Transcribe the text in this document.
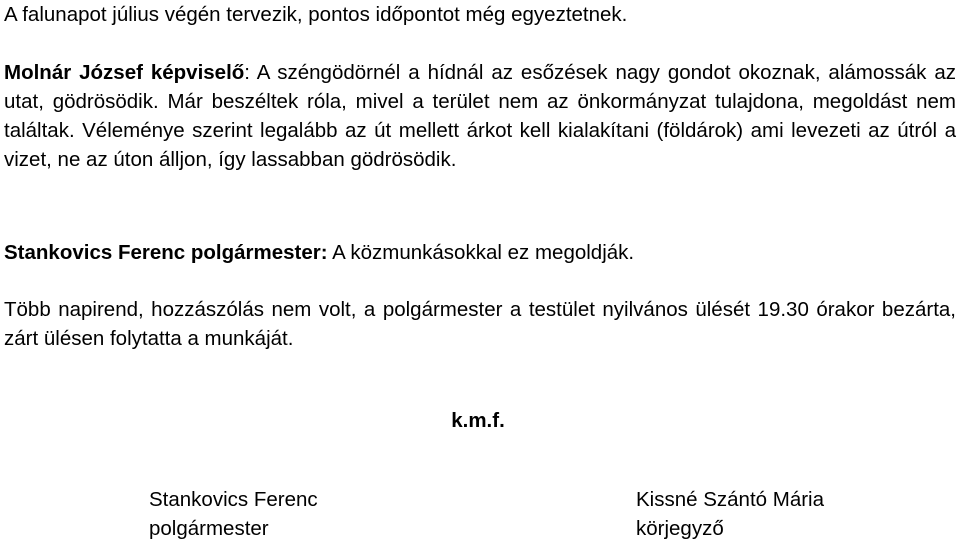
A falunapot július végén tervezik, pontos időpontot még egyeztetnek.

Molnár József képviselő: A széngödörnél a hídnál az esőzések nagy gondot okoznak, alámossák az utat, gödrösödik. Már beszéltek róla, mivel a terület nem az önkormányzat tulajdona, megoldást nem találtak. Véleménye szerint legalább az út mellett árkot kell kialakítani (földárok) ami levezeti az útról a vizet, ne az úton álljon, így lassabban gödrösödik.

Stankovics Ferenc polgármester: A közmunkásokkal ez megoldják.

Több napirend, hozzászólás nem volt, a polgármester a testület nyilvános ülését 19.30 órakor bezárta, zárt ülésen folytatta a munkáját.

k.m.f.
Stankovics Ferenc
polgármester
Kissné Szántó Mária
körjegyző
